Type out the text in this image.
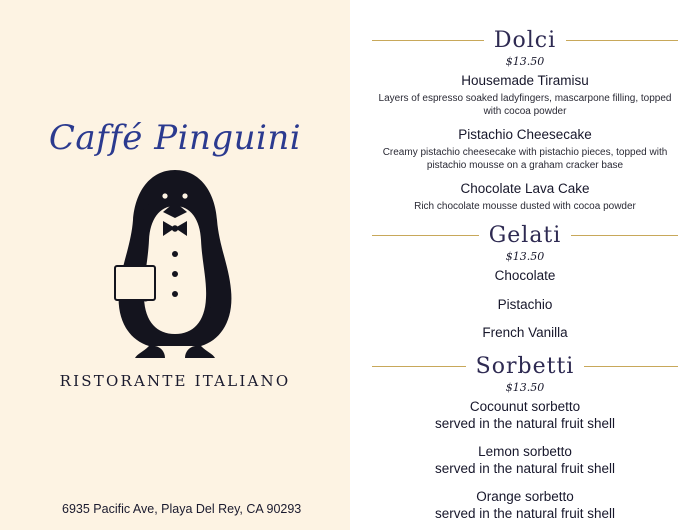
Caffé Pinguini
RISTORANTE ITALIANO
6935 Pacific Ave, Playa Del Rey, CA 90293
Dolci
$13.50
Housemade Tiramisu
Layers of espresso soaked ladyfingers, mascarpone filling, topped with cocoa powder
Pistachio Cheesecake
Creamy pistachio cheesecake with pistachio pieces, topped with pistachio mousse on a graham cracker base
Chocolate Lava Cake
Rich chocolate mousse dusted with cocoa powder
Gelati
$13.50
Chocolate
Pistachio
French Vanilla
Sorbetti
$13.50
Cocounut sorbetto
served in the natural fruit shell
Lemon sorbetto
served in the natural fruit shell
Orange sorbetto
served in the natural fruit shell
